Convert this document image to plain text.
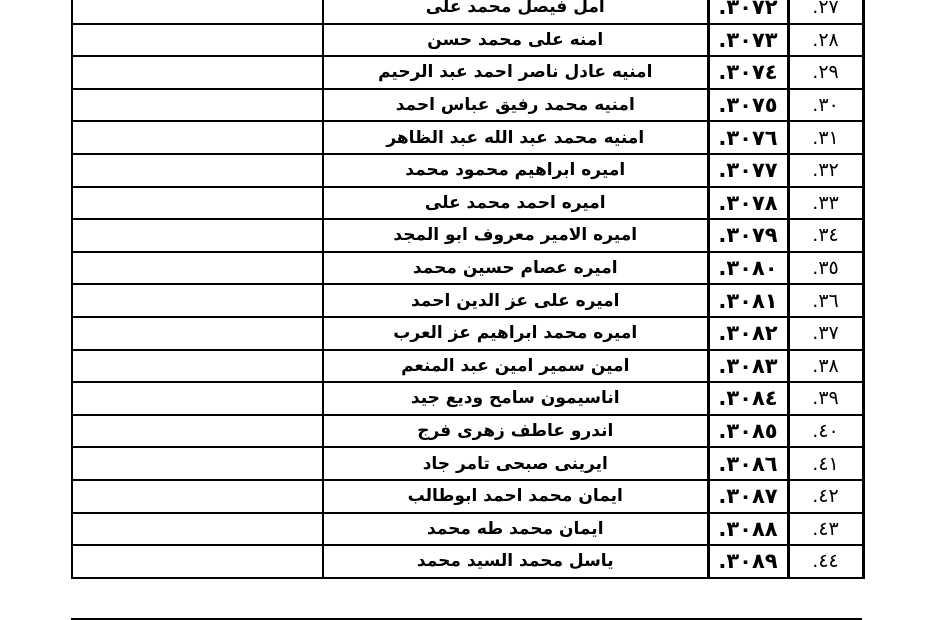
	امل فيصل محمد على	٣٠٧٢.	٢٧.
	امنه على محمد حسن	٣٠٧٣.	٢٨.
	امنيه عادل ناصر احمد عبد الرحيم	٣٠٧٤.	٢٩.
	امنيه محمد رفيق عباس احمد	٣٠٧٥.	٣٠.
	امنيه محمد عبد الله عبد الظاهر	٣٠٧٦.	٣١.
	اميره ابراهيم محمود محمد	٣٠٧٧.	٣٢.
	اميره احمد محمد على	٣٠٧٨.	٣٣.
	اميره الامير معروف ابو المجد	٣٠٧٩.	٣٤.
	اميره عصام حسين محمد	٣٠٨٠.	٣٥.
	اميره على عز الدين احمد	٣٠٨١.	٣٦.
	اميره محمد ابراهيم عز العرب	٣٠٨٢.	٣٧.
	امين سمير امين عبد المنعم	٣٠٨٣.	٣٨.
	اناسيمون سامح وديع جيد	٣٠٨٤.	٣٩.
	اندرو عاطف زهرى فرج	٣٠٨٥.	٤٠.
	ايرينى صبحى تامر جاد	٣٠٨٦.	٤١.
	ايمان محمد احمد ابوطالب	٣٠٨٧.	٤٢.
	ايمان محمد طه محمد	٣٠٨٨.	٤٣.
	ياسل محمد السيد محمد	٣٠٨٩.	٤٤.
